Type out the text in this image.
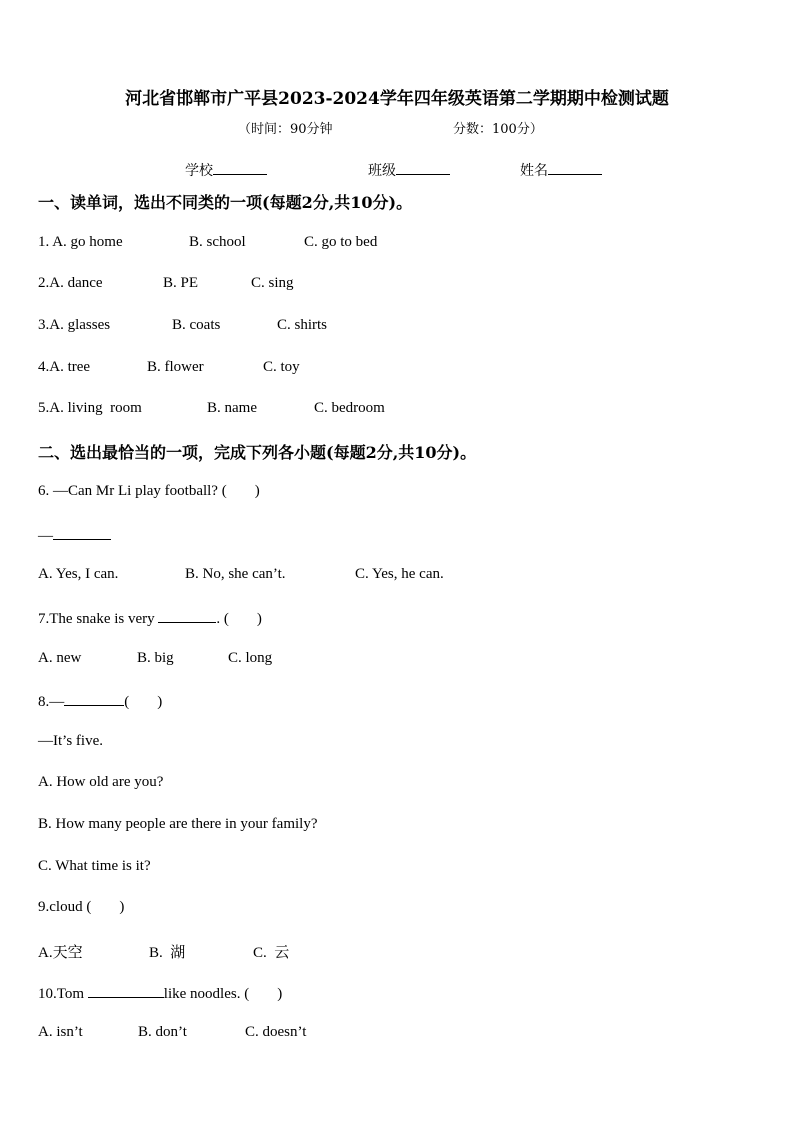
河北省邯郸市广平县2023-2024学年四年级英语第二学期期中检测试题
（时间：90分钟	分数：100分）
学校	班级	姓名
一、读单词，选出不同类的一项(每题2分,共10分)。
1. A. go home	B. school	C. go to bed
2.A. dance	B. PE	C. sing
3.A. glasses	B. coats	C. shirts
4.A. tree	B. flower	C. toy
5.A. living  room	B. name	C. bedroom
二、选出最恰当的一项，完成下列各小题(每题2分,共10分)。
6. —Can Mr Li play football? ( )
—
A. Yes, I can.	B. No, she can’t.	C. Yes, he can.
7.The snake is very	. ( )
A. new	B. big	C. long
8.—	( )
—It’s five.
A. How old are you?
B. How many people are there in your family?
C. What time is it?
9.cloud ( )
A.天空	B.  湖	C.  云
10.Tom	like noodles. ( )
A. isn’t	B. don’t	C. doesn’t
